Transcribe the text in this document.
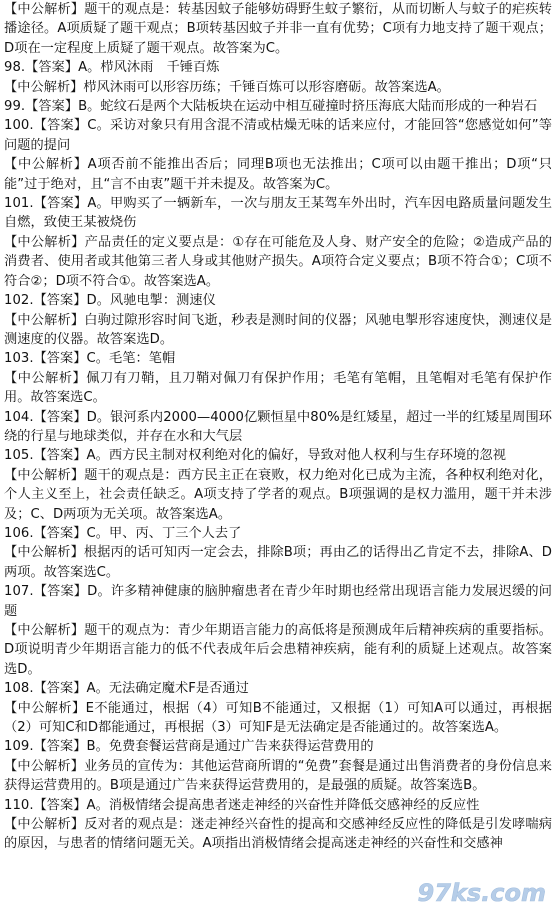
【中公解析】题干的观点是：转基因蚊子能够妨碍野生蚊子繁衍，从而切断人与蚊子的疟疾转播途径。A项质疑了题干观点；B项转基因蚊子并非一直有优势；C项有力地支持了题干观点；D项在一定程度上质疑了题干观点。故答案为C。

98.【答案】A。栉风沐雨　千锤百炼

【中公解析】栉风沐雨可以形容历练；千锤百炼可以形容磨砺。故答案选A。

99.【答案】B。蛇纹石是两个大陆板块在运动中相互碰撞时挤压海底大陆而形成的一种岩石

100.【答案】C。采访对象只有用含混不清或枯燥无味的话来应付，才能回答“您感觉如何”等问题的提问

【中公解析】A项否前不能推出否后；同理B项也无法推出；C项可以由题干推出；D项“只能”过于绝对，且“言不由衷”题干并未提及。故答案为C。

101.【答案】A。甲购买了一辆新车，一次与朋友王某驾车外出时，汽车因电路质量问题发生自燃，致使王某被烧伤

【中公解析】产品责任的定义要点是：①存在可能危及人身、财产安全的危险；②造成产品的消费者、使用者或其他第三者人身或其他财产损失。A项符合定义要点；B项不符合①；C项不符合②；D项不符合①。故答案选A。

102.【答案】D。风驰电掣：测速仪

【中公解析】白驹过隙形容时间飞逝，秒表是测时间的仪器；风驰电掣形容速度快，测速仪是测速度的仪器。故答案选D。

103.【答案】C。毛笔：笔帽

【中公解析】佩刀有刀鞘，且刀鞘对佩刀有保护作用；毛笔有笔帽，且笔帽对毛笔有保护作用。故答案选C。

104.【答案】D。银河系内2000—4000亿颗恒星中80%是红矮星，超过一半的红矮星周围环绕的行星与地球类似，并存在水和大气层

105.【答案】A。西方民主制对权利绝对化的偏好，导致对他人权利与生存环境的忽视

【中公解析】题干的观点是：西方民主正在衰败，权力绝对化已成为主流，各种权利绝对化，个人主义至上，社会责任缺乏。A项支持了学者的观点。B项强调的是权力滥用，题干并未涉及；C、D两项为无关项。故答案选A。

106.【答案】C。甲、丙、丁三个人去了

【中公解析】根据丙的话可知丙一定会去，排除B项；再由乙的话得出乙肯定不去，排除A、D两项。故答案选C。

107.【答案】D。许多精神健康的脑肿瘤患者在青少年时期也经常出现语言能力发展迟缓的问题

【中公解析】题干的观点为：青少年期语言能力的高低将是预测成年后精神疾病的重要指标。D项说明青少年期语言能力的低不代表成年后会患精神疾病，能有利的质疑上述观点。故答案选D。

108.【答案】A。无法确定魔术F是否通过

【中公解析】E不能通过，根据（4）可知B不能通过，又根据（1）可知A可以通过，再根据（2）可知C和D都能通过，再根据（3）可知F是无法确定是否能通过的。故答案选A。

109.【答案】B。免费套餐运营商是通过广告来获得运营费用的

【中公解析】业务员的宣传为：其他运营商所谓的“免费”套餐是通过出售消费者的身份信息来获得运营费用的。B项是通过广告来获得运营费用的，是最强的质疑。故答案选B。

110.【答案】A。消极情绪会提高患者迷走神经的兴奋性并降低交感神经的反应性

【中公解析】反对者的观点是：迷走神经兴奋性的提高和交感神经反应性的降低是引发哮喘病的原因，与患者的情绪问题无关。A项指出消极情绪会提高迷走神经的兴奋性和交感神

97ks.com
